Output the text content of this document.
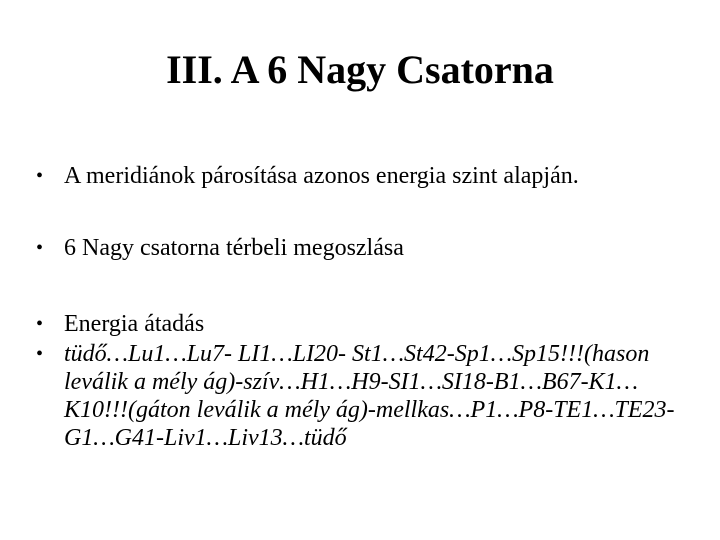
III. A 6 Nagy Csatorna
• A meridiánok párosítása azonos energia szint alapján.
• 6 Nagy csatorna térbeli megoszlása
• Energia átadás
• tüdő…Lu1…Lu7- LI1…LI20- St1…St42-Sp1…Sp15!!!(hason leválik a mély ág)-szív…H1…H9-SI1…SI18-B1…B67-K1…K10!!!(gáton leválik a mély ág)-mellkas…P1…P8-TE1…TE23-G1…G41-Liv1…Liv13…tüdő
